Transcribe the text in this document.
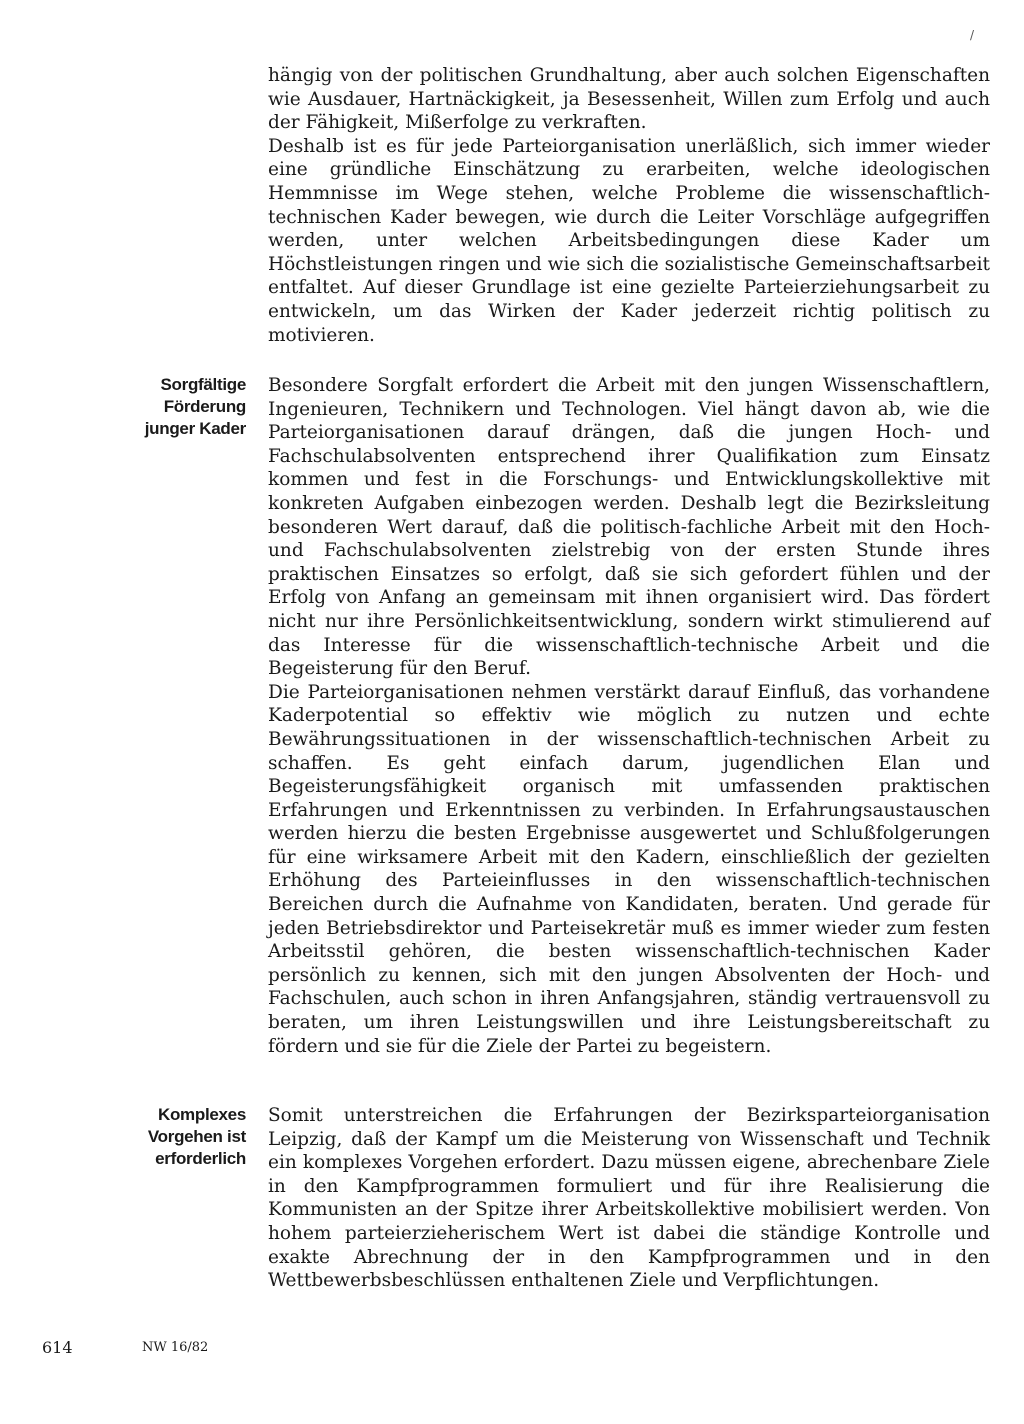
/

hängig von der politischen Grundhaltung, aber auch solchen Eigenschaften wie Ausdauer, Hartnäckigkeit, ja Besessenheit, Willen zum Erfolg und auch der Fähigkeit, Mißerfolge zu verkraften.

Deshalb ist es für jede Parteiorganisation unerläßlich, sich immer wieder eine gründliche Einschätzung zu erarbeiten, welche ideologischen Hemmnisse im Wege stehen, welche Probleme die wissenschaftlich-technischen Kader bewegen, wie durch die Leiter Vorschläge aufgegriffen werden, unter welchen Arbeitsbedingungen diese Kader um Höchstleistungen ringen und wie sich die sozialistische Gemeinschaftsarbeit entfaltet. Auf dieser Grundlage ist eine gezielte Parteierziehungsarbeit zu entwickeln, um das Wirken der Kader jederzeit richtig politisch zu motivieren.

Sorgfältige
Förderung
junger Kader

Besondere Sorgfalt erfordert die Arbeit mit den jungen Wissenschaftlern, Ingenieuren, Technikern und Technologen. Viel hängt davon ab, wie die Parteiorganisationen darauf drängen, daß die jungen Hoch- und Fachschulabsolventen entsprechend ihrer Qualifikation zum Einsatz kommen und fest in die Forschungs- und Entwicklungskollektive mit konkreten Aufgaben einbezogen werden. Deshalb legt die Bezirksleitung besonderen Wert darauf, daß die politisch-fachliche Arbeit mit den Hoch- und Fachschulabsolventen zielstrebig von der ersten Stunde ihres praktischen Einsatzes so erfolgt, daß sie sich gefordert fühlen und der Erfolg von Anfang an gemeinsam mit ihnen organisiert wird. Das fördert nicht nur ihre Persönlichkeitsentwicklung, sondern wirkt stimulierend auf das Interesse für die wissenschaftlich-technische Arbeit und die Begeisterung für den Beruf.

Die Parteiorganisationen nehmen verstärkt darauf Einfluß, das vorhandene Kaderpotential so effektiv wie möglich zu nutzen und echte Bewährungssituationen in der wissenschaftlich-technischen Arbeit zu schaffen. Es geht einfach darum, jugendlichen Elan und Begeisterungsfähigkeit organisch mit umfassenden praktischen Erfahrungen und Erkenntnissen zu verbinden. In Erfahrungsaustauschen werden hierzu die besten Ergebnisse ausgewertet und Schlußfolgerungen für eine wirksamere Arbeit mit den Kadern, einschließlich der gezielten Erhöhung des Parteieinflusses in den wissenschaftlich-technischen Bereichen durch die Aufnahme von Kandidaten, beraten. Und gerade für jeden Betriebsdirektor und Parteisekretär muß es immer wieder zum festen Arbeitsstil gehören, die besten wissenschaftlich-technischen Kader persönlich zu kennen, sich mit den jungen Absolventen der Hoch- und Fachschulen, auch schon in ihren Anfangsjahren, ständig vertrauensvoll zu beraten, um ihren Leistungswillen und ihre Leistungsbereitschaft zu fördern und sie für die Ziele der Partei zu begeistern.

Komplexes
Vorgehen ist
erforderlich

Somit unterstreichen die Erfahrungen der Bezirksparteiorganisation Leipzig, daß der Kampf um die Meisterung von Wissenschaft und Technik ein komplexes Vorgehen erfordert. Dazu müssen eigene, abrechenbare Ziele in den Kampfprogrammen formuliert und für ihre Realisierung die Kommunisten an der Spitze ihrer Arbeitskollektive mobilisiert werden. Von hohem parteierzieherischem Wert ist dabei die ständige Kontrolle und exakte Abrechnung der in den Kampfprogrammen und in den Wettbewerbsbeschlüssen enthaltenen Ziele und Verpflichtungen.

614	NW 16/82
